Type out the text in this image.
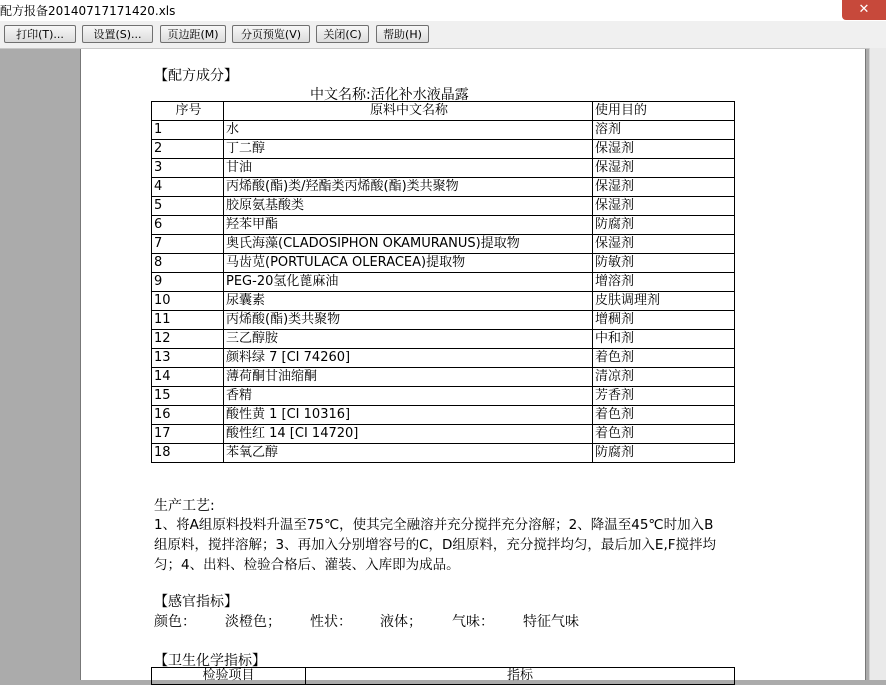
配方报备20140717171420.xls	✕
打印(T)...	设置(S)...	页边距(M)	分页预览(V)	关闭(C)	帮助(H)
【配方成分】
中文名称:活化补水液晶露
序号	原料中文名称	使用目的
1	水	溶剂
2	丁二醇	保湿剂
3	甘油	保湿剂
4	丙烯酸(酯)类/羟酯类丙烯酸(酯)类共聚物	保湿剂
5	胶原氨基酸类	保湿剂
6	羟苯甲酯	防腐剂
7	奥氏海藻(CLADOSIPHON OKAMURANUS)提取物	保湿剂
8	马齿苋(PORTULACA OLERACEA)提取物	防敏剂
9	PEG-20氢化蓖麻油	增溶剂
10	尿囊素	皮肤调理剂
11	丙烯酸(酯)类共聚物	增稠剂
12	三乙醇胺	中和剂
13	颜料绿 7 [CI 74260]	着色剂
14	薄荷酮甘油缩酮	清凉剂
15	香精	芳香剂
16	酸性黄 1 [CI 10316]	着色剂
17	酸性红 14 [CI 14720]	着色剂
18	苯氧乙醇	防腐剂
生产工艺:
1、将A组原料投料升温至75℃，使其完全融溶并充分搅拌充分溶解；2、降温至45℃时加入B组原料，搅拌溶解；3、再加入分别增容号的C，D组原料，充分搅拌均匀，最后加入E,F搅拌均匀；4、出料、检验合格后、灌装、入库即为成品。
【感官指标】
颜色： 淡橙色； 性状： 液体； 气味： 特征气味
【卫生化学指标】
检验项目	指标
